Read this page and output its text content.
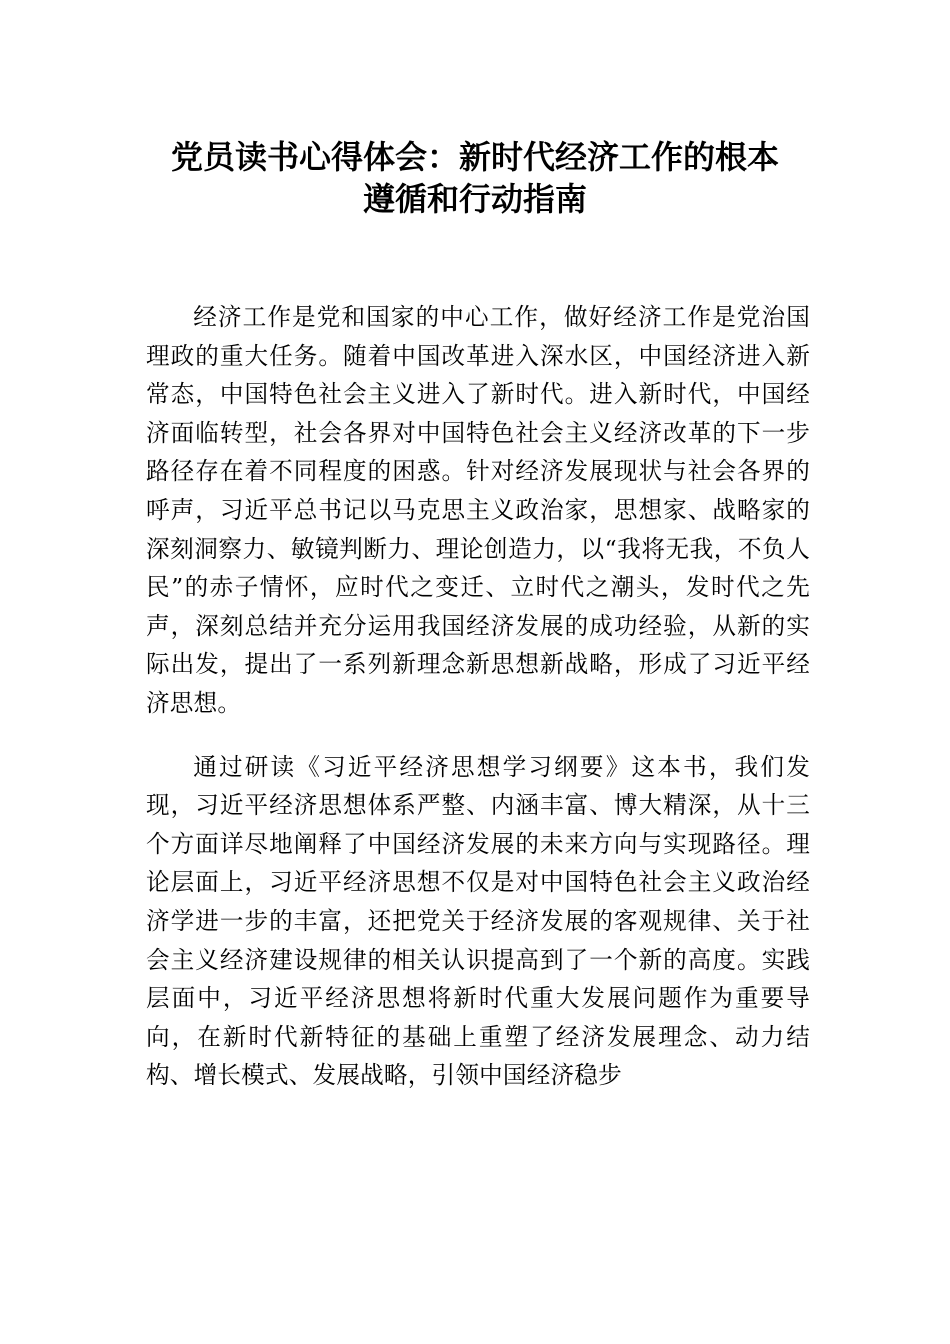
党员读书心得体会：新时代经济工作的根本
遵循和行动指南

经济工作是党和国家的中心工作，做好经济工作是党治国理政的重大任务。随着中国改革进入深水区，中国经济进入新常态，中国特色社会主义进入了新时代。进入新时代，中国经济面临转型，社会各界对中国特色社会主义经济改革的下一步路径存在着不同程度的困惑。针对经济发展现状与社会各界的呼声，习近平总书记以马克思主义政治家，思想家、战略家的深刻洞察力、敏镜判断力、理论创造力，以“我将无我，不负人民”的赤子情怀，应时代之变迁、立时代之潮头，发时代之先声，深刻总结并充分运用我国经济发展的成功经验，从新的实际出发，提出了一系列新理念新思想新战略，形成了习近平经济思想。

通过研读《习近平经济思想学习纲要》这本书，我们发现，习近平经济思想体系严整、内涵丰富、博大精深，从十三个方面详尽地阐释了中国经济发展的未来方向与实现路径。理论层面上，习近平经济思想不仅是对中国特色社会主义政治经济学进一步的丰富，还把党关于经济发展的客观规律、关于社会主义经济建设规律的相关认识提高到了一个新的高度。实践层面中，习近平经济思想将新时代重大发展问题作为重要导向，在新时代新特征的基础上重塑了经济发展理念、动力结构、增长模式、发展战略，引领中国经济稳步
